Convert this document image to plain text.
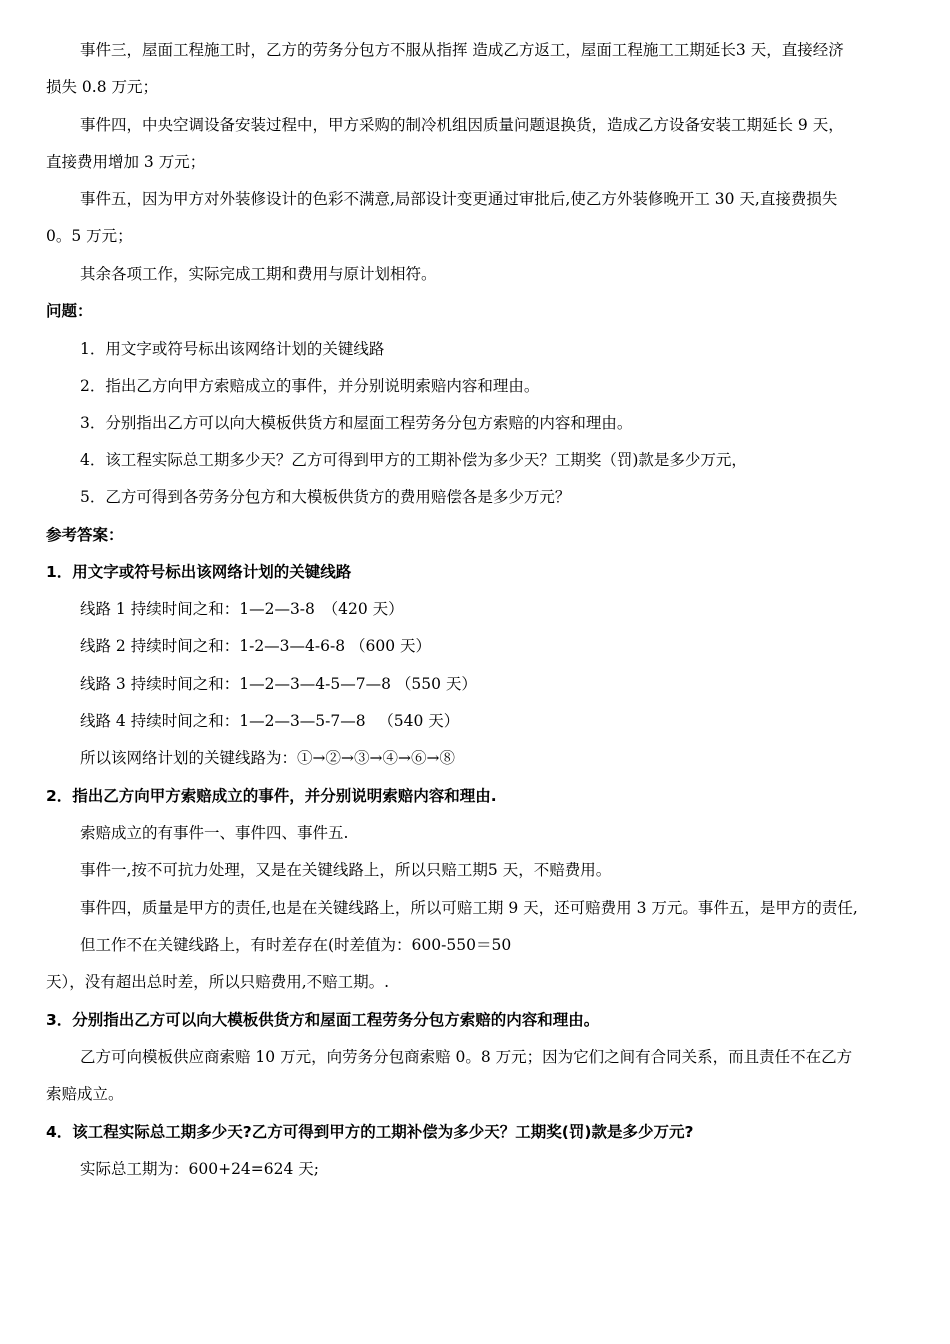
事件三，屋面工程施工时，乙方的劳务分包方不服从指挥 造成乙方返工，屋面工程施工工期延长3 天，直接经济

损失 0.8 万元；

事件四，中央空调设备安装过程中，甲方采购的制冷机组因质量问题退换货，造成乙方设备安装工期延长 9 天，

直接费用增加 3 万元；

事件五，因为甲方对外装修设计的色彩不满意,局部设计变更通过审批后,使乙方外装修晚开工 30 天,直接费损失

0。5 万元；

其余各项工作，实际完成工期和费用与原计划相符。

问题：

1．用文字或符号标出该网络计划的关键线路

2．指出乙方向甲方索赔成立的事件，并分别说明索赔内容和理由。

3．分别指出乙方可以向大模板供货方和屋面工程劳务分包方索赔的内容和理由。

4．该工程实际总工期多少天？乙方可得到甲方的工期补偿为多少天？工期奖（罚)款是多少万元，

5．乙方可得到各劳务分包方和大模板供货方的费用赔偿各是多少万元？

参考答案：

1．用文字或符号标出该网络计划的关键线路

线路 1 持续时间之和：1—2—3-8　（420 天）

线路 2 持续时间之和：1-2—3—4-6-8 （600 天）

线路 3 持续时间之和：1—2—3—4-5—7—8 （550 天）

线路 4 持续时间之和：1—2—3—5-7—8 　（540 天）

所以该网络计划的关键线路为：①→②→③→④→⑥→⑧

2．指出乙方向甲方索赔成立的事件，并分别说明索赔内容和理由.

索赔成立的有事件一、事件四、事件五.

事件一,按不可抗力处理，又是在关键线路上，所以只赔工期5 天，不赔费用。

事件四，质量是甲方的责任,也是在关键线路上，所以可赔工期 9 天，还可赔费用 3 万元。事件五，是甲方的责任,

但工作不在关键线路上，有时差存在(时差值为：600-550＝50

天），没有超出总时差，所以只赔费用,不赔工期。.

3．分别指出乙方可以向大模板供货方和屋面工程劳务分包方索赔的内容和理由。

乙方可向模板供应商索赔 10 万元，向劳务分包商索赔 0。8 万元；因为它们之间有合同关系，而且责任不在乙方

索赔成立。

4．该工程实际总工期多少天?乙方可得到甲方的工期补偿为多少天？工期奖(罚)款是多少万元?

实际总工期为：600+24=624 天;
